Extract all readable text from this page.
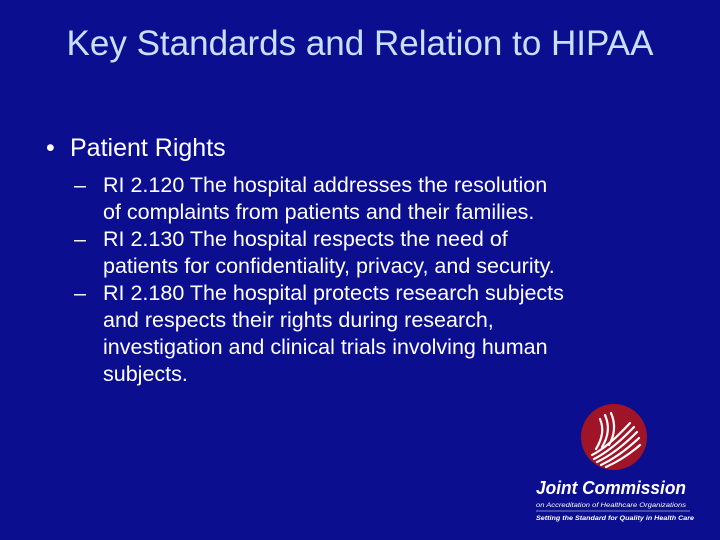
Key Standards and Relation to HIPAA

• Patient Rights

– RI 2.120 The hospital addresses the resolution of complaints from patients and their families.
– RI 2.130 The hospital respects the need of patients for confidentiality, privacy, and security.
– RI 2.180 The hospital protects research subjects and respects their rights during research, investigation and clinical trials involving human subjects.
Joint Commission
on Accreditation of Healthcare Organizations
Setting the Standard for Quality in Health Care
